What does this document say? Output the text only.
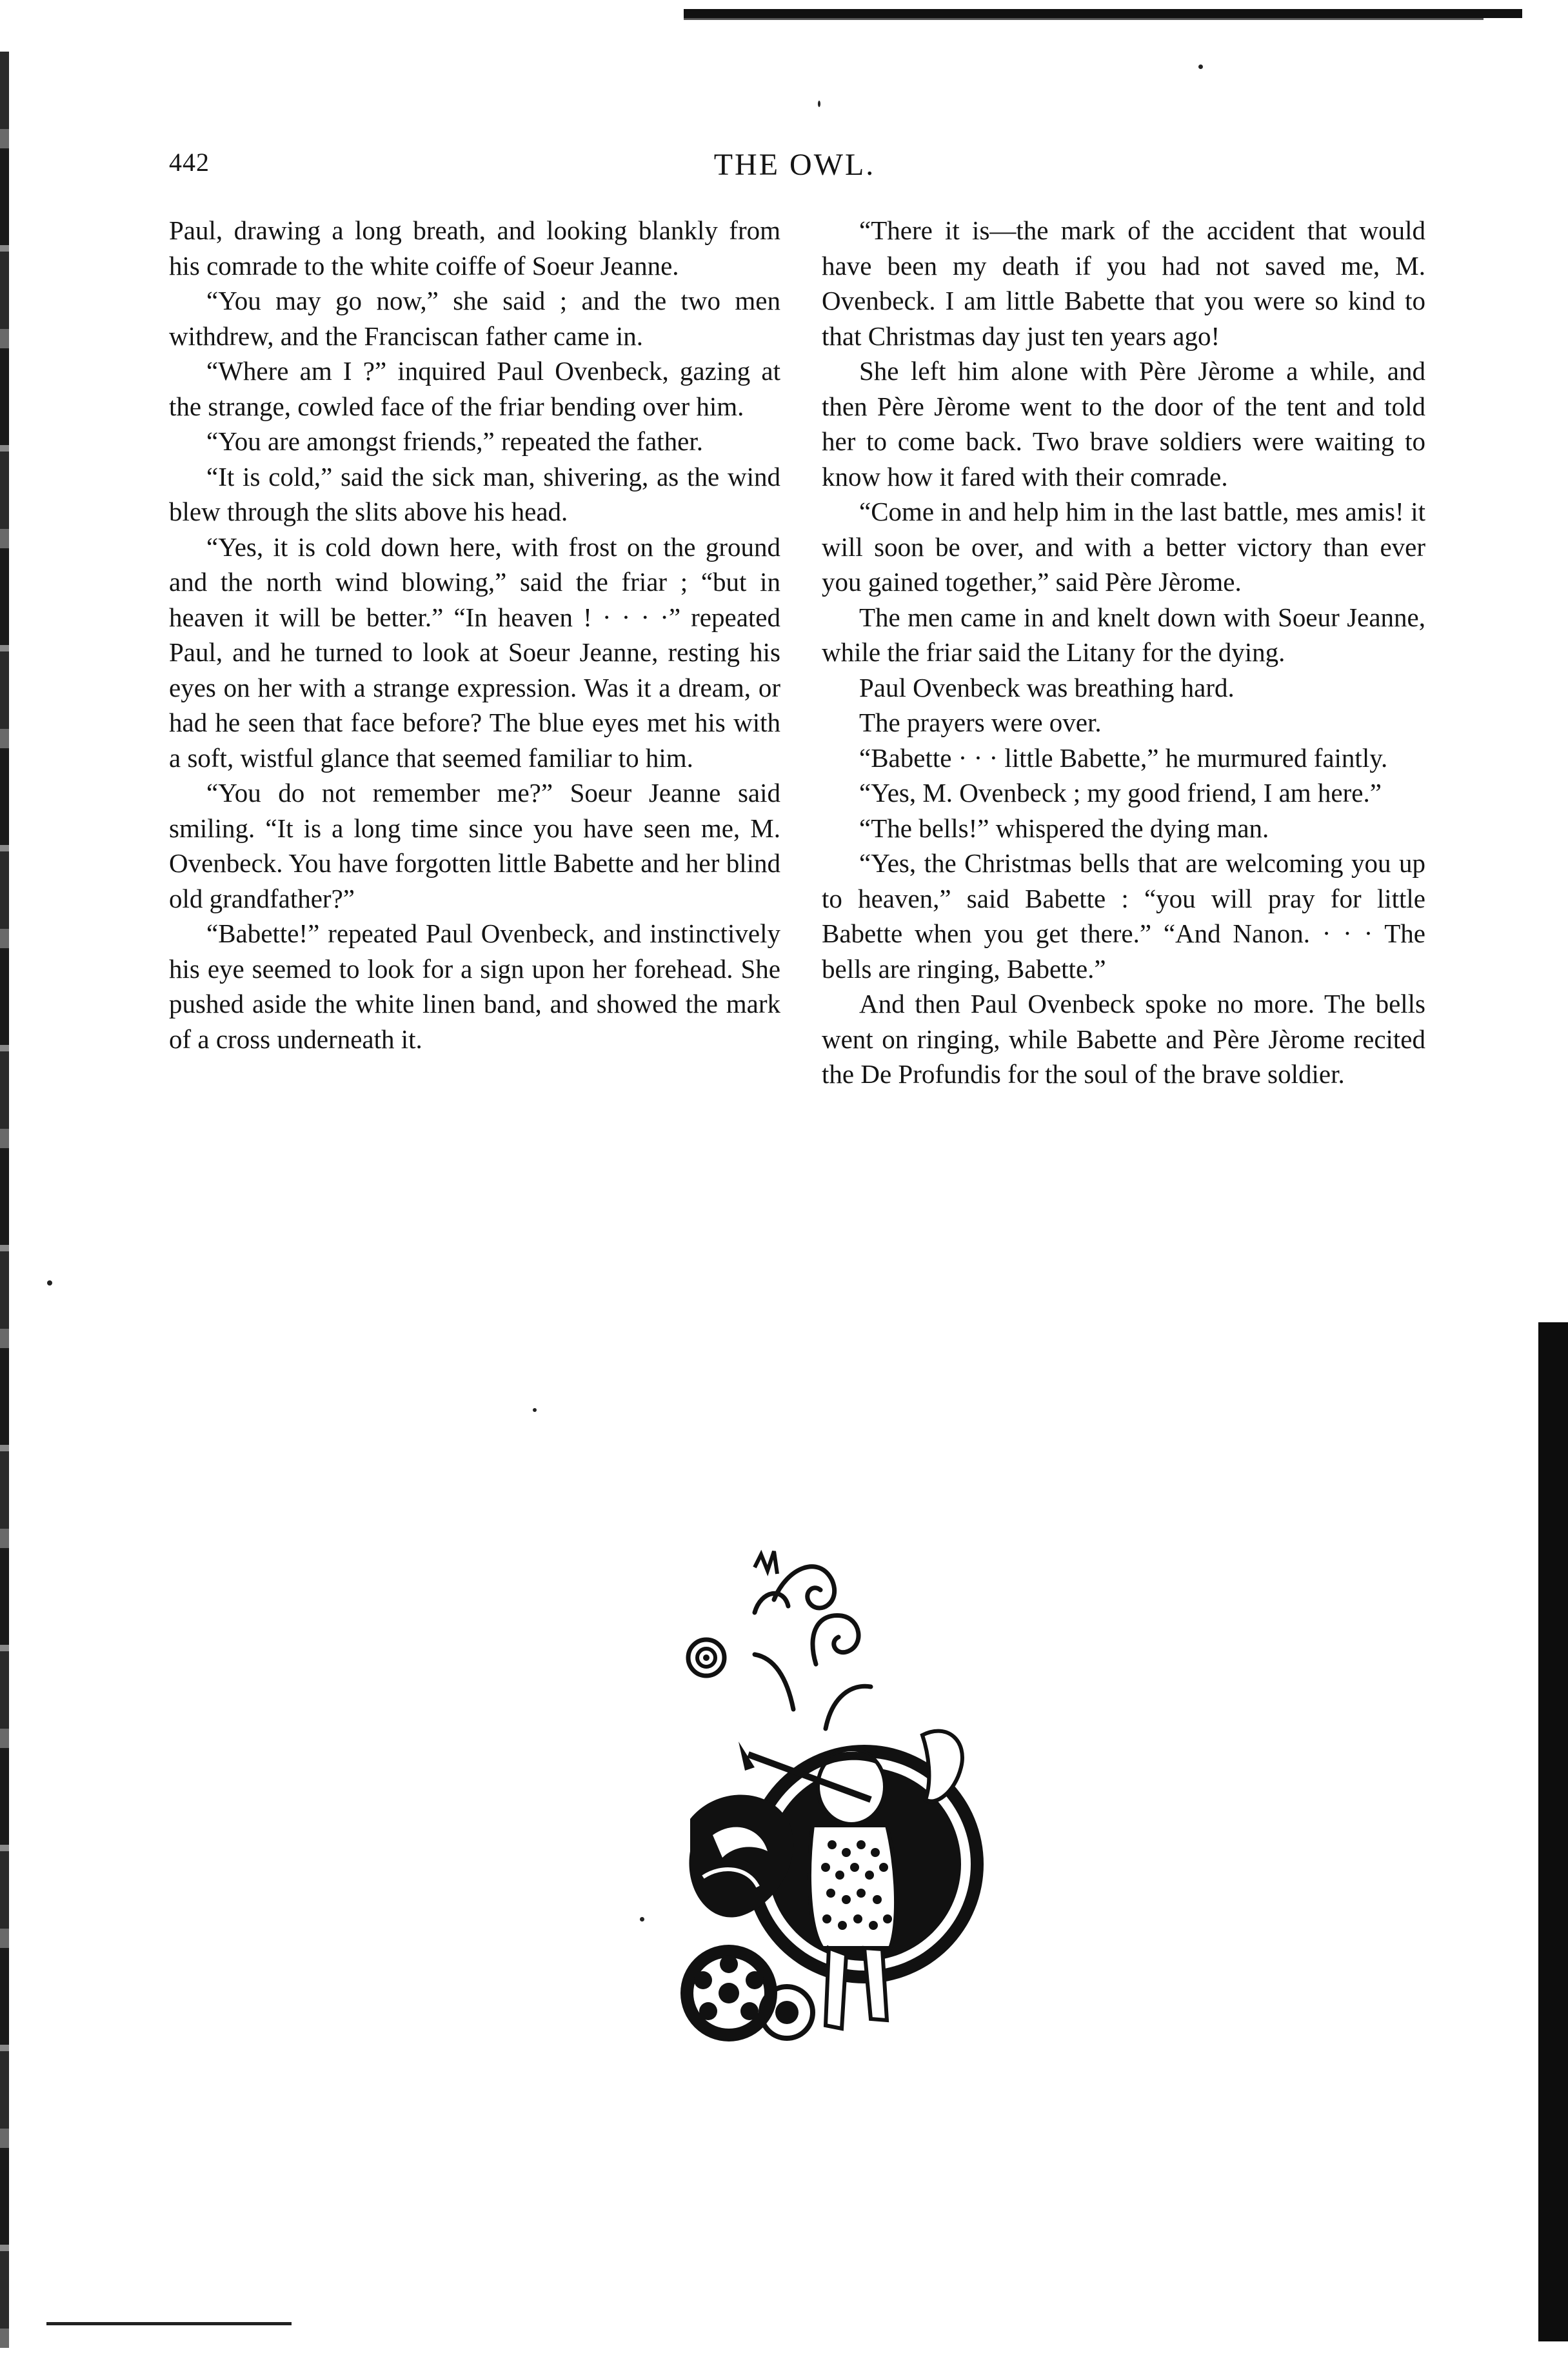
442	THE OWL.

Paul, drawing a long breath, and looking blankly from his comrade to the white coiffe of Soeur Jeanne.

“You may go now,” she said ; and the two men withdrew, and the Franciscan father came in.

“Where am I ?” inquired Paul Ovenbeck, gazing at the strange, cowled face of the friar bending over him.

“You are amongst friends,” repeated the father.

“It is cold,” said the sick man, shivering, as the wind blew through the slits above his head.

“Yes, it is cold down here, with frost on the ground and the north wind blowing,” said the friar ; “but in heaven it will be better.” “In heaven ! · · · ·” repeated Paul, and he turned to look at Soeur Jeanne, resting his eyes on her with a strange expression. Was it a dream, or had he seen that face before? The blue eyes met his with a soft, wistful glance that seemed familiar to him.

“You do not remember me?” Soeur Jeanne said smiling. “It is a long time since you have seen me, M. Ovenbeck. You have forgotten little Babette and her blind old grandfather?”

“Babette!” repeated Paul Ovenbeck, and instinctively his eye seemed to look for a sign upon her forehead. She pushed aside the white linen band, and showed the mark of a cross underneath it.

“There it is—the mark of the accident that would have been my death if you had not saved me, M. Ovenbeck. I am little Babette that you were so kind to that Christmas day just ten years ago!

She left him alone with Père Jèrome a while, and then Père Jèrome went to the door of the tent and told her to come back. Two brave soldiers were waiting to know how it fared with their comrade.

“Come in and help him in the last battle, mes amis! it will soon be over, and with a better victory than ever you gained together,” said Père Jèrome.

The men came in and knelt down with Soeur Jeanne, while the friar said the Litany for the dying.

Paul Ovenbeck was breathing hard.

The prayers were over.

“Babette · · · little Babette,” he murmured faintly.

“Yes, M. Ovenbeck ; my good friend, I am here.”

“The bells!” whispered the dying man.

“Yes, the Christmas bells that are welcoming you up to heaven,” said Babette : “you will pray for little Babette when you get there.” “And Nanon. · · · The bells are ringing, Babette.”

And then Paul Ovenbeck spoke no more. The bells went on ringing, while Babette and Père Jèrome recited the De Profundis for the soul of the brave soldier.
